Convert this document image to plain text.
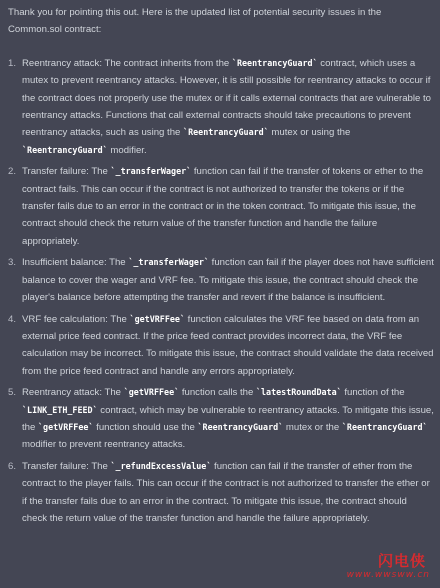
Thank you for pointing this out. Here is the updated list of potential security issues in the Common.sol contract:

1. Reentrancy attack: The contract inherits from the `ReentrancyGuard` contract, which uses a mutex to prevent reentrancy attacks. However, it is still possible for reentrancy attacks to occur if the contract does not properly use the mutex or if it calls external contracts that are vulnerable to reentrancy attacks. Functions that call external contracts should take precautions to prevent reentrancy attacks, such as using the `ReentrancyGuard` mutex or using the `ReentrancyGuard` modifier.
2. Transfer failure: The `_transferWager` function can fail if the transfer of tokens or ether to the contract fails. This can occur if the contract is not authorized to transfer the tokens or if the transfer fails due to an error in the contract or in the token contract. To mitigate this issue, the contract should check the return value of the transfer function and handle the failure appropriately.
3. Insufficient balance: The `_transferWager` function can fail if the player does not have sufficient balance to cover the wager and VRF fee. To mitigate this issue, the contract should check the player's balance before attempting the transfer and revert if the balance is insufficient.
4. VRF fee calculation: The `getVRFFee` function calculates the VRF fee based on data from an external price feed contract. If the price feed contract provides incorrect data, the VRF fee calculation may be incorrect. To mitigate this issue, the contract should validate the data received from the price feed contract and handle any errors appropriately.
5. Reentrancy attack: The `getVRFFee` function calls the `latestRoundData` function of the `LINK_ETH_FEED` contract, which may be vulnerable to reentrancy attacks. To mitigate this issue, the `getVRFFee` function should use the `ReentrancyGuard` mutex or the `ReentrancyGuard` modifier to prevent reentrancy attacks.
6. Transfer failure: The `_refundExcessValue` function can fail if the transfer of ether from the contract to the player fails. This can occur if the contract is not authorized to transfer the ether or if the transfer fails due to an error in the contract. To mitigate this issue, the contract should check the return value of the transfer function and handle the failure appropriately.
闪电侠
www.wwsww.cn
